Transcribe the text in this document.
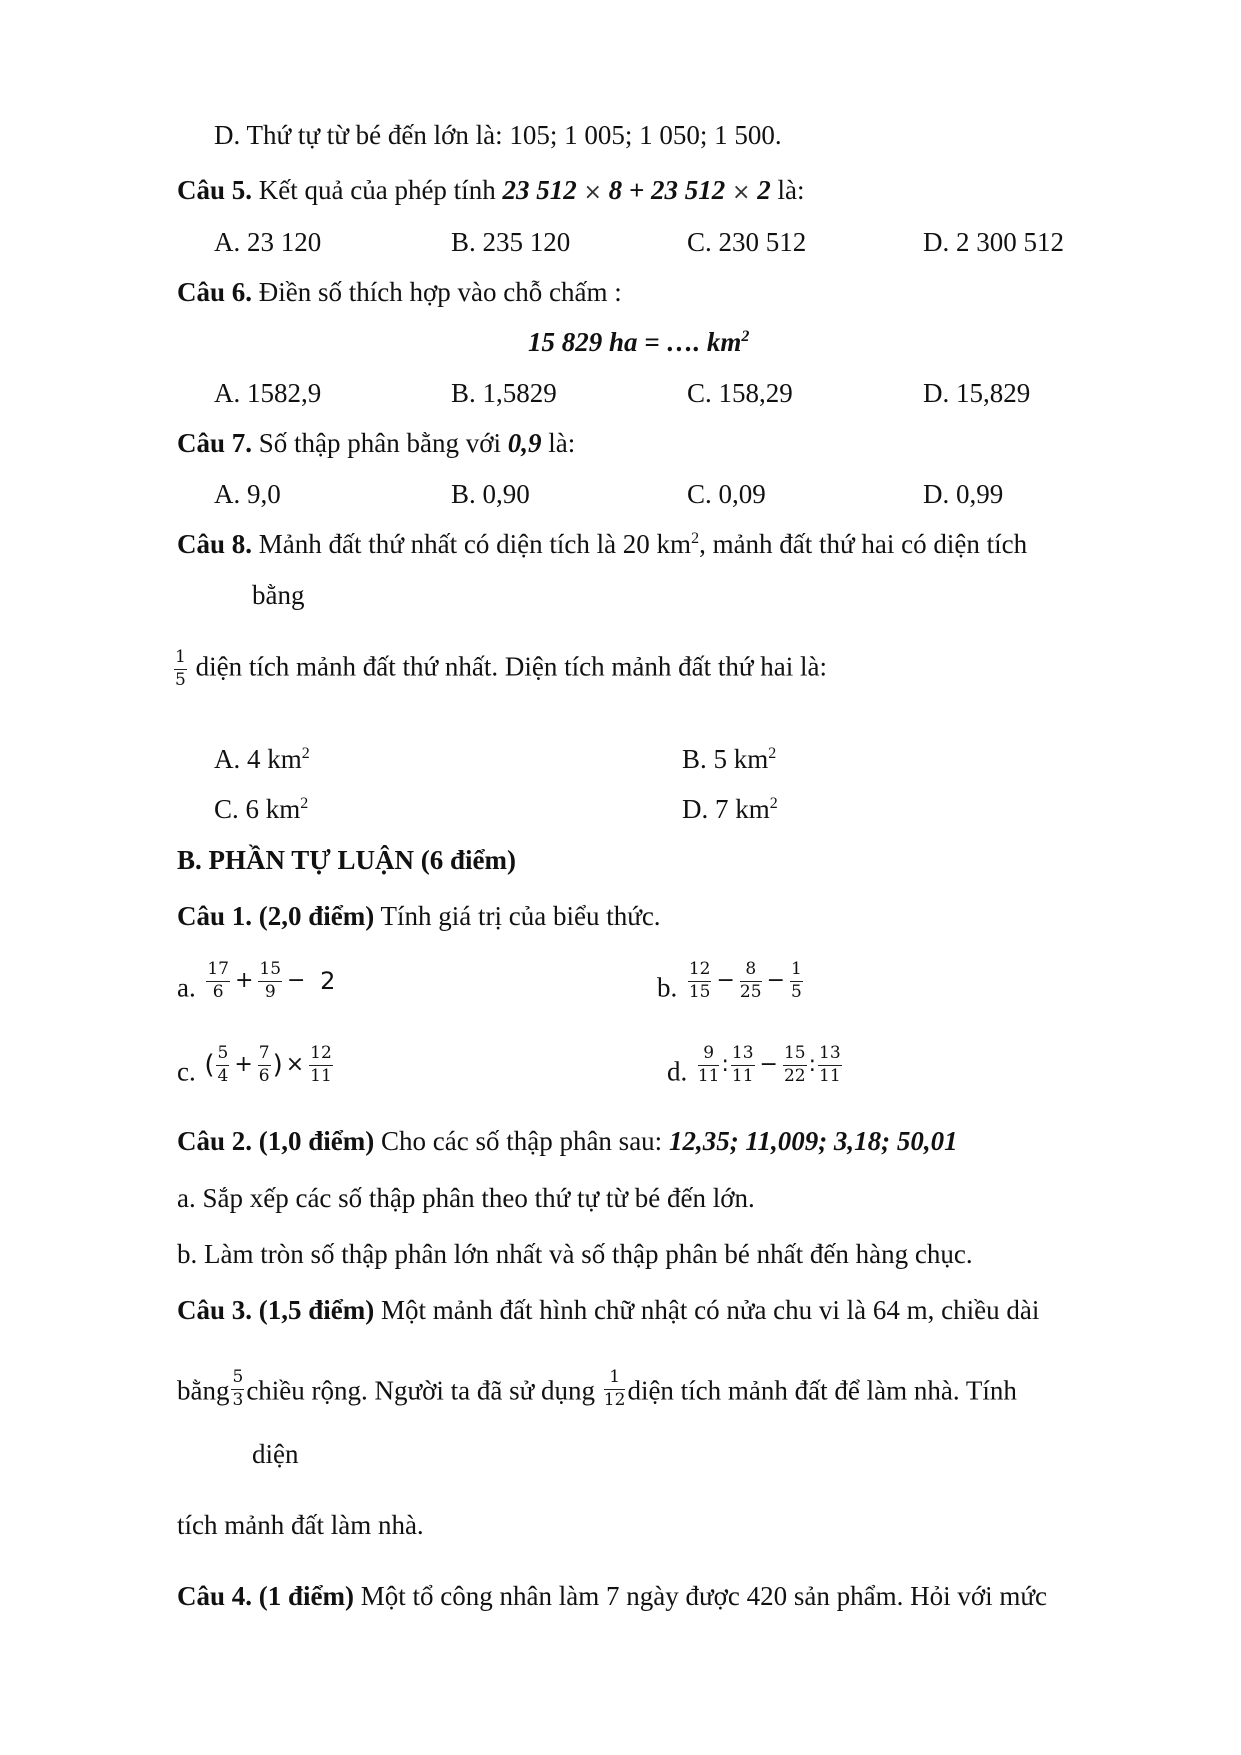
D. Thứ tự từ bé đến lớn là: 105; 1 005; 1 050; 1 500.
Câu 5. Kết quả của phép tính 23 512 × 8 + 23 512 × 2 là:
A. 23 120	B. 235 120	C. 230 512	D. 2 300 512
Câu 6. Điền số thích hợp vào chỗ chấm :
15 829 ha = …. $km^2$
A. 1582,9	B. 1,5829	C. 158,29	D. 15,829
Câu 7. Số thập phân bằng với 0,9 là:
A. 9,0	B. 0,90	C. 0,09	D. 0,99
Câu 8. Mảnh đất thứ nhất có diện tích là 20 $km^2$, mảnh đất thứ hai có diện tích
bằng
$\frac{1}{5}$ diện tích mảnh đất thứ nhất. Diện tích mảnh đất thứ hai là:
A. 4 $km^2$	B. 5 $km^2$
C. 6 $km^2$	D. 7 $km^2$
B. PHẦN TỰ LUẬN (6 điểm)
Câu 1. (2,0 điểm) Tính giá trị của biểu thức.
a. $\frac{17}{6} + \frac{15}{9} - 2$	b. $\frac{12}{15} - \frac{8}{25} - \frac{1}{5}$
c. ( $\frac{5}{4} + \frac{7}{6}$ ) × $\frac{12}{11}$	d. $\frac{9}{11}$ : $\frac{13}{11} - \frac{15}{22}$ : $\frac{13}{11}$
Câu 2. (1,0 điểm) Cho các số thập phân sau: 12,35; 11,009; 3,18; 50,01
a. Sắp xếp các số thập phân theo thứ tự từ bé đến lớn.
b. Làm tròn số thập phân lớn nhất và số thập phân bé nhất đến hàng chục.
Câu 3. (1,5 điểm) Một mảnh đất hình chữ nhật có nửa chu vi là 64 m, chiều dài
bằng $\frac{5}{3}$ chiều rộng. Người ta đã sử dụng $\frac{1}{12}$ diện tích mảnh đất để làm nhà. Tính
diện
tích mảnh đất làm nhà.
Câu 4. (1 điểm) Một tổ công nhân làm 7 ngày được 420 sản phẩm. Hỏi với mức
